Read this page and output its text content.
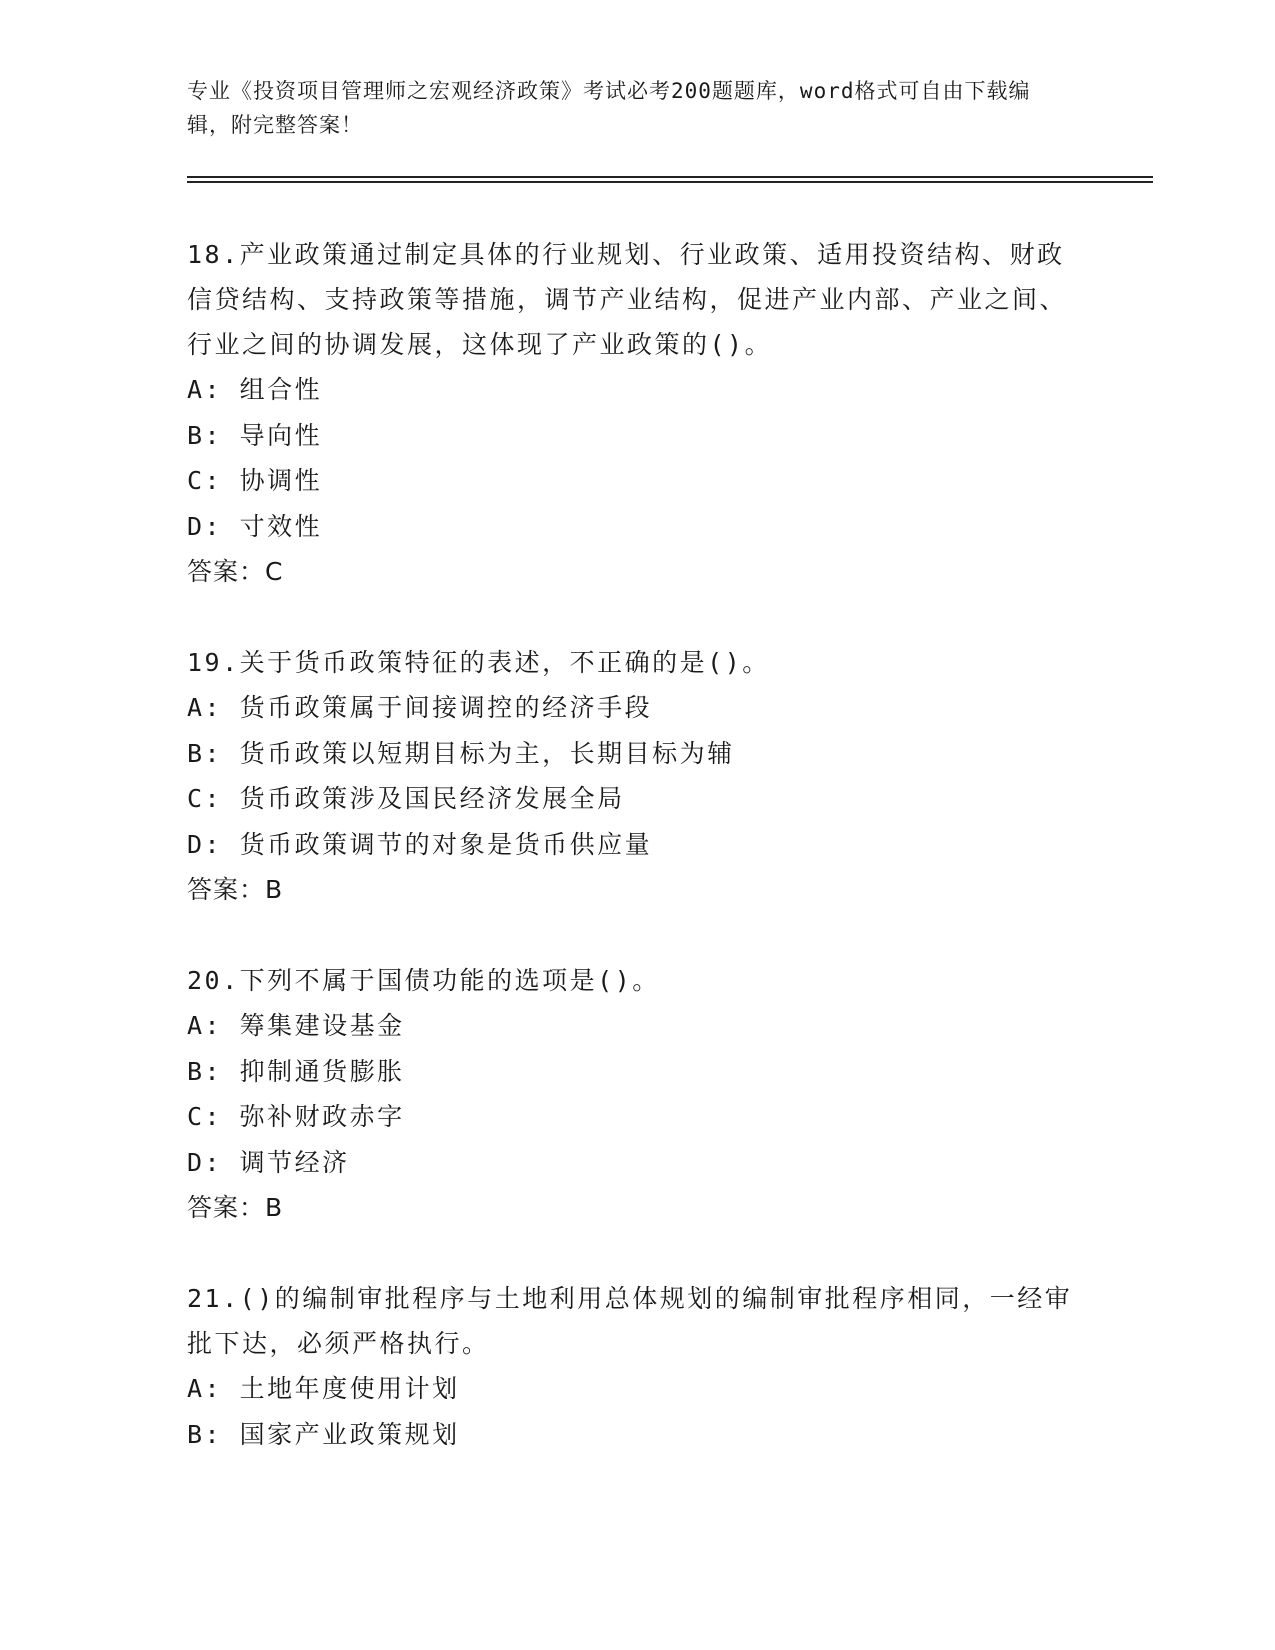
专业《投资项目管理师之宏观经济政策》考试必考200题题库，word格式可自由下载编辑，附完整答案！
18.产业政策通过制定具体的行业规划、行业政策、适用投资结构、财政信贷结构、支持政策等措施，调节产业结构，促进产业内部、产业之间、行业之间的协调发展，这体现了产业政策的()。
A: 组合性
B: 导向性
C: 协调性
D: 寸效性
答案：C
19.关于货币政策特征的表述，不正确的是()。
A: 货币政策属于间接调控的经济手段
B: 货币政策以短期目标为主，长期目标为辅
C: 货币政策涉及国民经济发展全局
D: 货币政策调节的对象是货币供应量
答案：B
20.下列不属于国债功能的选项是()。
A: 筹集建设基金
B: 抑制通货膨胀
C: 弥补财政赤字
D: 调节经济
答案：B
21.()的编制审批程序与土地利用总体规划的编制审批程序相同，一经审批下达，必须严格执行。
A: 土地年度使用计划
B: 国家产业政策规划
